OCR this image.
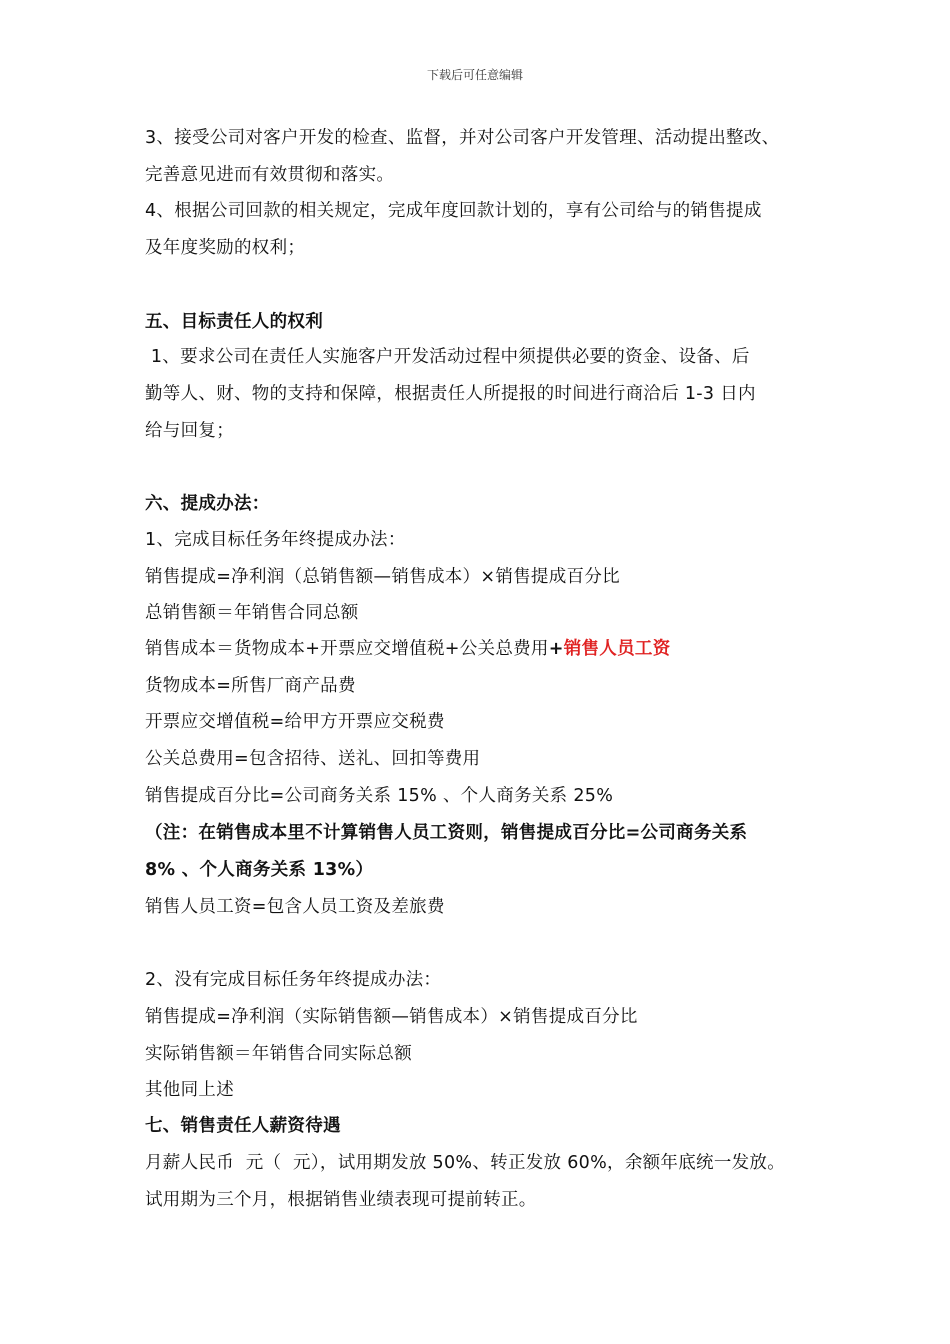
下载后可任意编辑
3、接受公司对客户开发的检查、监督，并对公司客户开发管理、活动提出整改、
完善意见进而有效贯彻和落实。
4、根据公司回款的相关规定，完成年度回款计划的，享有公司给与的销售提成
及年度奖励的权利；
五、目标责任人的权利
1、要求公司在责任人实施客户开发活动过程中须提供必要的资金、设备、后
勤等人、财、物的支持和保障，根据责任人所提报的时间进行商洽后 1-3 日内
给与回复；
六、提成办法：
1、完成目标任务年终提成办法：
销售提成=净利润（总销售额—销售成本）×销售提成百分比
总销售额＝年销售合同总额
销售成本＝货物成本+开票应交增值税+公关总费用+销售人员工资
货物成本=所售厂商产品费
开票应交增值税=给甲方开票应交税费
公关总费用=包含招待、送礼、回扣等费用
销售提成百分比=公司商务关系 15% 、个人商务关系 25%
（注：在销售成本里不计算销售人员工资则，销售提成百分比=公司商务关系
8% 、个人商务关系 13%）
销售人员工资=包含人员工资及差旅费
2、没有完成目标任务年终提成办法：
销售提成=净利润（实际销售额—销售成本）×销售提成百分比
实际销售额＝年销售合同实际总额
其他同上述
七、销售责任人薪资待遇
月薪人民币  元（  元），试用期发放 50%、转正发放 60%，余额年底统一发放。
试用期为三个月，根据销售业绩表现可提前转正。
